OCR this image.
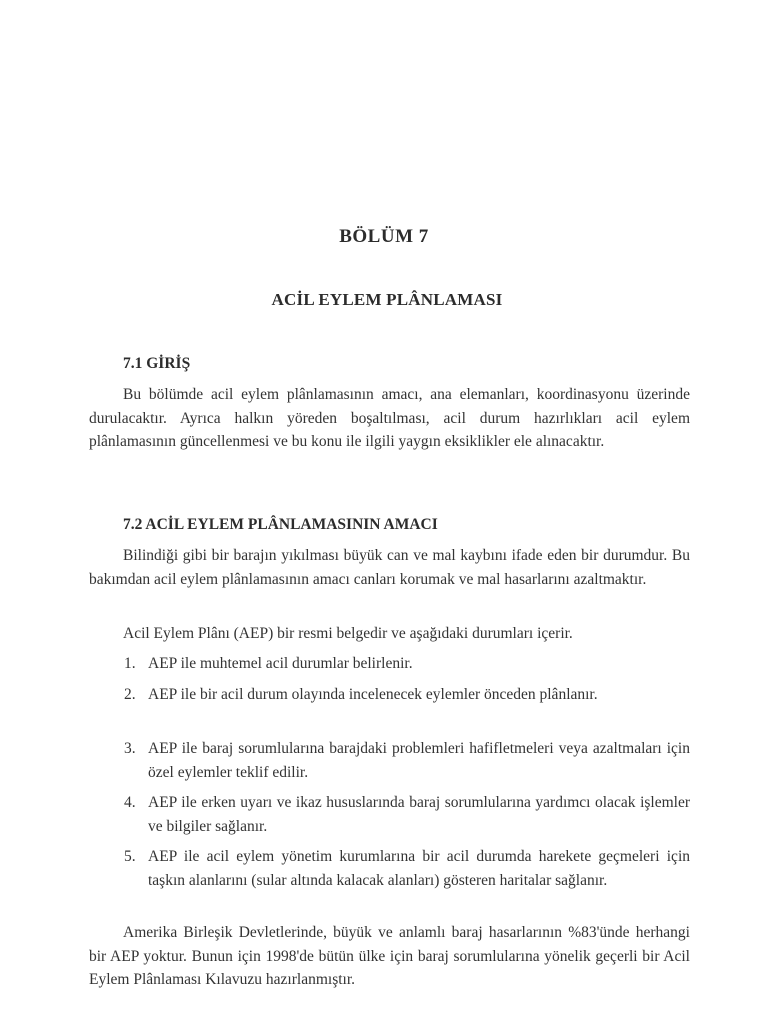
BÖLÜM 7
ACİL EYLEM PLÂNLAMASI
7.1 GİRİŞ
Bu bölümde acil eylem plânlamasının amacı, ana elemanları, koordinasyonu üzerinde durulacaktır. Ayrıca halkın yöreden boşaltılması, acil durum hazırlıkları acil eylem plânlamasının güncellenmesi ve bu konu ile ilgili yaygın eksiklikler ele alınacaktır.
7.2 ACİL EYLEM PLÂNLAMASININ AMACI
Bilindiği gibi bir barajın yıkılması büyük can ve mal kaybını ifade eden bir durumdur. Bu bakımdan acil eylem plânlamasının amacı canları korumak ve mal hasarlarını azaltmaktır.
Acil Eylem Plânı (AEP) bir resmi belgedir ve aşağıdaki durumları içerir.
1. AEP ile muhtemel acil durumlar belirlenir.
2. AEP ile bir acil durum olayında incelenecek eylemler önceden plânlanır.
3. AEP ile baraj sorumlularına barajdaki problemleri hafifletmeleri veya azaltmaları için özel eylemler teklif edilir.
4. AEP ile erken uyarı ve ikaz hususlarında baraj sorumlularına yardımcı olacak işlemler ve bilgiler sağlanır.
5. AEP ile acil eylem yönetim kurumlarına bir acil durumda harekete geçmeleri için taşkın alanlarını (sular altında kalacak alanları) gösteren haritalar sağlanır.
Amerika Birleşik Devletlerinde, büyük ve anlamlı baraj hasarlarının %83'ünde herhangi bir AEP yoktur. Bunun için 1998'de bütün ülke için baraj sorumlularına yönelik geçerli bir Acil Eylem Plânlaması Kılavuzu hazırlanmıştır.
